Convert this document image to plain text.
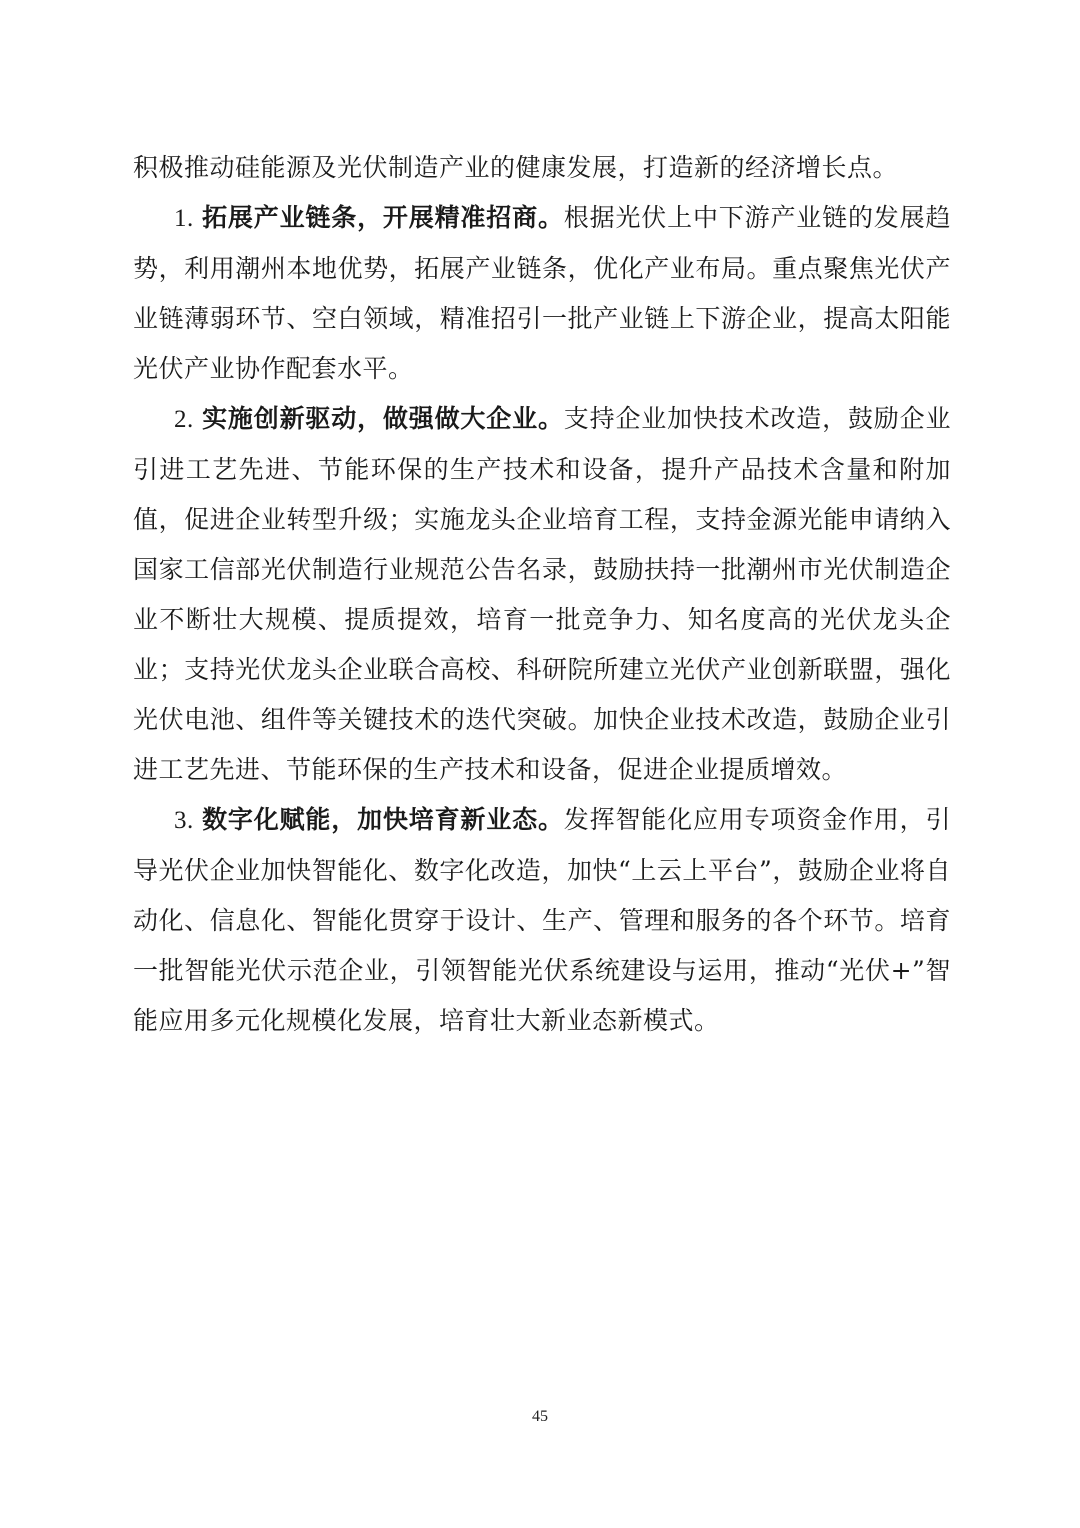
积极推动硅能源及光伏制造产业的健康发展，打造新的经济增长点。

1. 拓展产业链条，开展精准招商。根据光伏上中下游产业链的发展趋势，利用潮州本地优势，拓展产业链条，优化产业布局。重点聚焦光伏产业链薄弱环节、空白领域，精准招引一批产业链上下游企业，提高太阳能光伏产业协作配套水平。

2. 实施创新驱动，做强做大企业。支持企业加快技术改造，鼓励企业引进工艺先进、节能环保的生产技术和设备，提升产品技术含量和附加值，促进企业转型升级；实施龙头企业培育工程，支持金源光能申请纳入国家工信部光伏制造行业规范公告名录，鼓励扶持一批潮州市光伏制造企业不断壮大规模、提质提效，培育一批竞争力、知名度高的光伏龙头企业；支持光伏龙头企业联合高校、科研院所建立光伏产业创新联盟，强化光伏电池、组件等关键技术的迭代突破。加快企业技术改造，鼓励企业引进工艺先进、节能环保的生产技术和设备，促进企业提质增效。

3. 数字化赋能，加快培育新业态。发挥智能化应用专项资金作用，引导光伏企业加快智能化、数字化改造，加快“上云上平台”，鼓励企业将自动化、信息化、智能化贯穿于设计、生产、管理和服务的各个环节。培育一批智能光伏示范企业，引领智能光伏系统建设与运用，推动“光伏+”智能应用多元化规模化发展，培育壮大新业态新模式。

45
